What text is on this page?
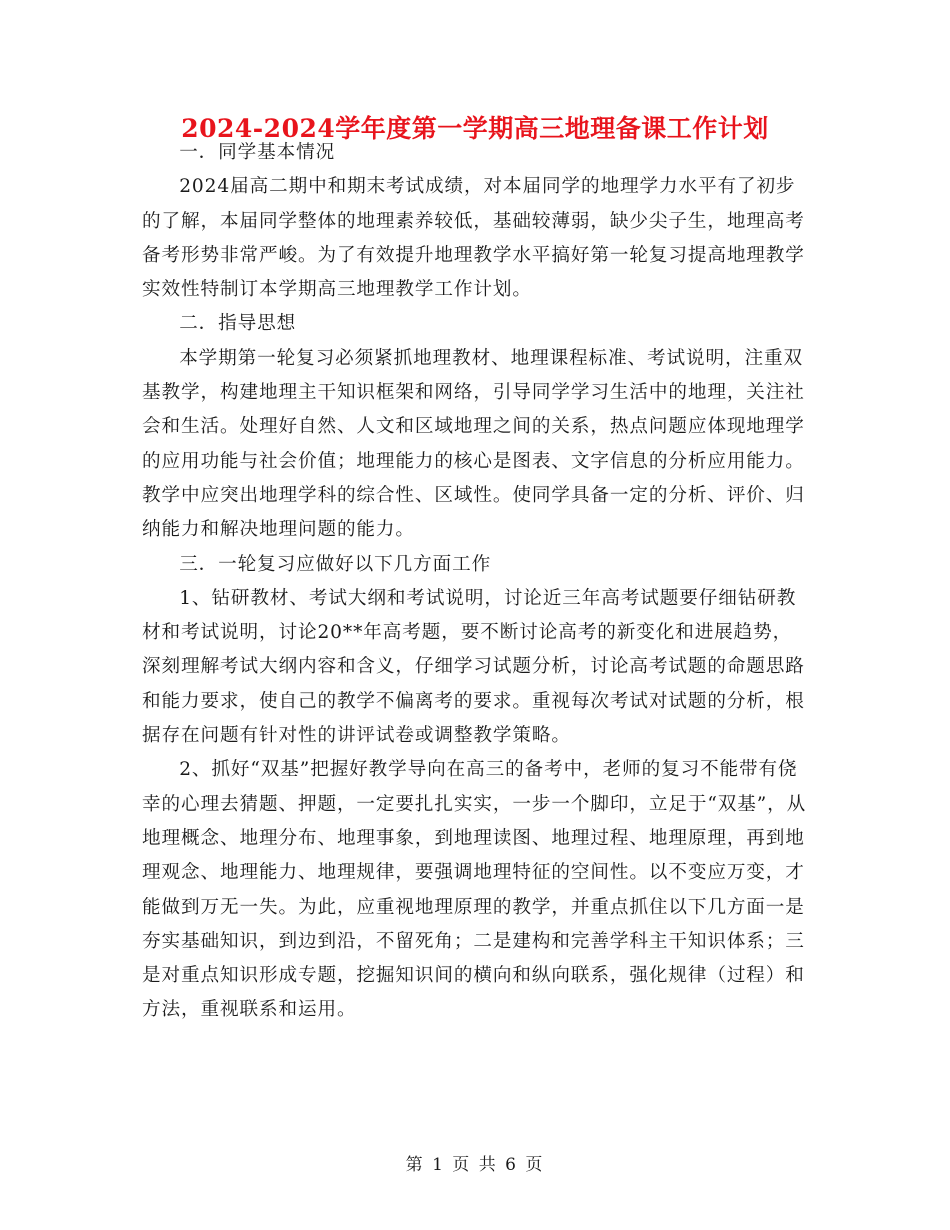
2024-2024学年度第一学期高三地理备课工作计划

一．同学基本情况

2024届高二期中和期末考试成绩，对本届同学的地理学力水平有了初步的了解，本届同学整体的地理素养较低，基础较薄弱，缺少尖子生，地理高考备考形势非常严峻。为了有效提升地理教学水平搞好第一轮复习提高地理教学实效性特制订本学期高三地理教学工作计划。

二．指导思想

本学期第一轮复习必须紧抓地理教材、地理课程标准、考试说明，注重双基教学，构建地理主干知识框架和网络，引导同学学习生活中的地理，关注社会和生活。处理好自然、人文和区域地理之间的关系，热点问题应体现地理学的应用功能与社会价值；地理能力的核心是图表、文字信息的分析应用能力。教学中应突出地理学科的综合性、区域性。使同学具备一定的分析、评价、归纳能力和解决地理问题的能力。

三．一轮复习应做好以下几方面工作

1、钻研教材、考试大纲和考试说明，讨论近三年高考试题要仔细钻研教材和考试说明，讨论20**年高考题，要不断讨论高考的新变化和进展趋势，深刻理解考试大纲内容和含义，仔细学习试题分析，讨论高考试题的命题思路和能力要求，使自己的教学不偏离考的要求。重视每次考试对试题的分析，根据存在问题有针对性的讲评试卷或调整教学策略。

2、抓好“双基”把握好教学导向在高三的备考中，老师的复习不能带有侥幸的心理去猜题、押题，一定要扎扎实实，一步一个脚印，立足于“双基”，从地理概念、地理分布、地理事象，到地理读图、地理过程、地理原理，再到地理观念、地理能力、地理规律，要强调地理特征的空间性。以不变应万变，才能做到万无一失。为此，应重视地理原理的教学，并重点抓住以下几方面一是夯实基础知识，到边到沿，不留死角；二是建构和完善学科主干知识体系；三是对重点知识形成专题，挖掘知识间的横向和纵向联系，强化规律（过程）和方法，重视联系和运用。

第 1 页 共 6 页
